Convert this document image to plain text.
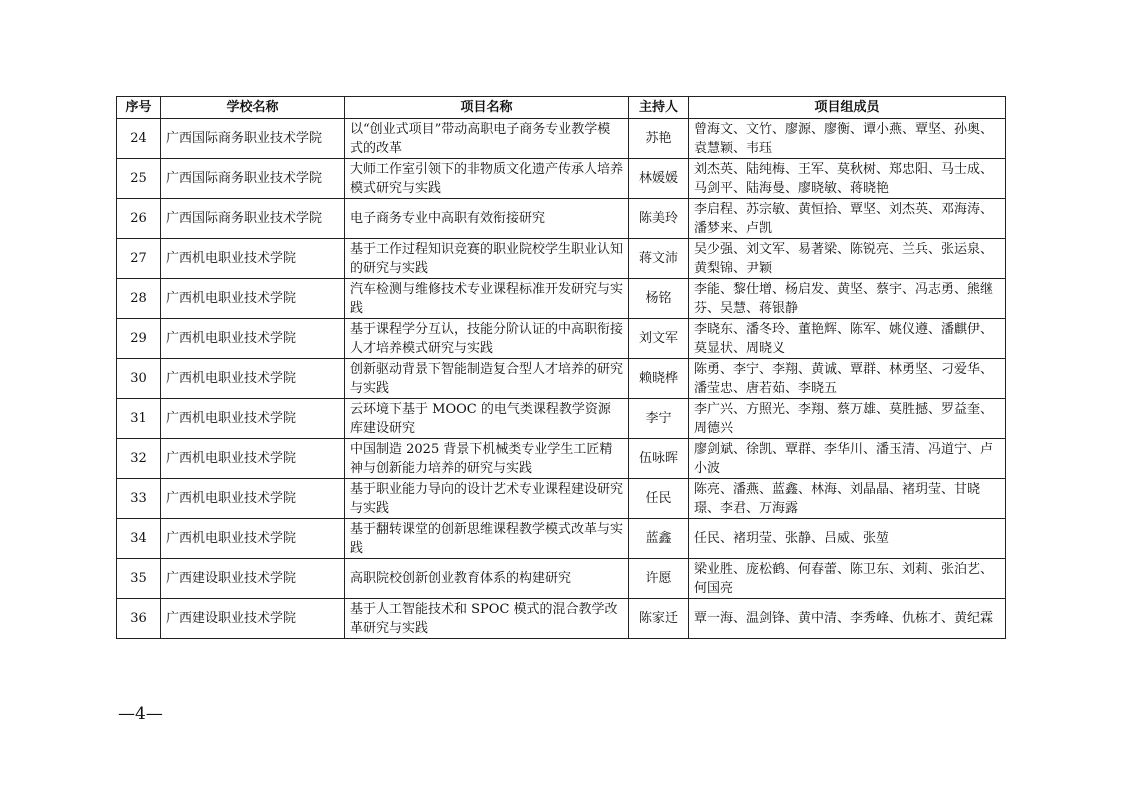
序号	学校名称	项目名称	主持人	项目组成员
24	广西国际商务职业技术学院	以“创业式项目”带动高职电子商务专业教学模式的改革	苏艳	曾海文、文竹、廖源、廖衡、谭小燕、覃坚、孙奥、袁慧颖、韦珏
25	广西国际商务职业技术学院	大师工作室引领下的非物质文化遗产传承人培养模式研究与实践	林媛媛	刘杰英、陆纯梅、王军、莫秋树、郑忠阳、马士成、马剑平、陆海曼、廖晓敏、蒋晓艳
26	广西国际商务职业技术学院	电子商务专业中高职有效衔接研究	陈美玲	李启程、苏宗敏、黄恒拾、覃坚、刘杰英、邓海涛、潘梦来、卢凯
27	广西机电职业技术学院	基于工作过程知识竞赛的职业院校学生职业认知的研究与实践	蒋文沛	吴少强、刘文军、易著梁、陈锐亮、兰兵、张运泉、黄梨锦、尹颖
28	广西机电职业技术学院	汽车检测与维修技术专业课程标准开发研究与实践	杨铭	李能、黎仕增、杨启发、黄坚、蔡宇、冯志勇、熊继芬、吴慧、蒋银静
29	广西机电职业技术学院	基于课程学分互认，技能分阶认证的中高职衔接人才培养模式研究与实践	刘文军	李晓东、潘冬玲、董艳辉、陈军、姚仪遵、潘麒伊、莫显状、周晓义
30	广西机电职业技术学院	创新驱动背景下智能制造复合型人才培养的研究与实践	赖晓桦	陈勇、李宁、李翔、黄诚、覃群、林勇坚、刁爱华、潘莹忠、唐若茹、李晓五
31	广西机电职业技术学院	云环境下基于 MOOC 的电气类课程教学资源库建设研究	李宁	李广兴、方照光、李翔、蔡万雄、莫胜撼、罗益奎、周德兴
32	广西机电职业技术学院	中国制造 2025 背景下机械类专业学生工匠精神与创新能力培养的研究与实践	伍咏晖	廖剑斌、徐凯、覃群、李华川、潘玉清、冯道宁、卢小波
33	广西机电职业技术学院	基于职业能力导向的设计艺术专业课程建设研究与实践	任民	陈亮、潘燕、蓝鑫、林海、刘晶晶、褚玥莹、甘晓璟、李君、万海露
34	广西机电职业技术学院	基于翻转课堂的创新思维课程教学模式改革与实践	蓝鑫	任民、褚玥莹、张静、吕威、张堃
35	广西建设职业技术学院	高职院校创新创业教育体系的构建研究	许愿	梁业胜、庞松鹤、何春蕾、陈卫东、刘莉、张泊艺、何国亮
36	广西建设职业技术学院	基于人工智能技术和 SPOC 模式的混合教学改革研究与实践	陈家迁	覃一海、温剑锋、黄中清、李秀峰、仇栋才、黄纪霖
—4—
